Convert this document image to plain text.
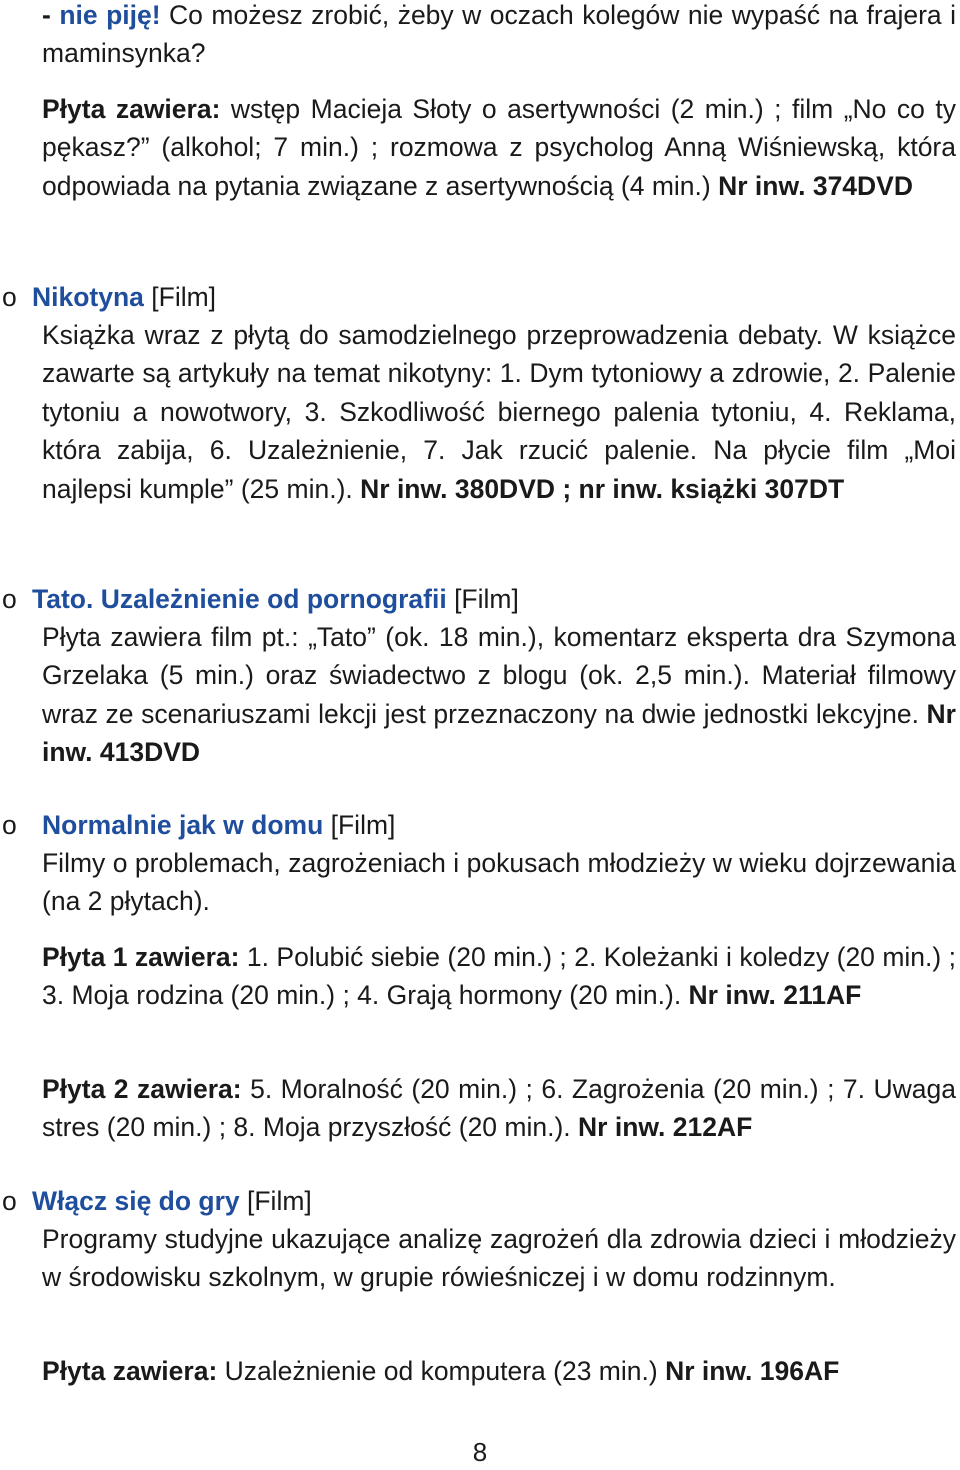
- nie piję! Co możesz zrobić, żeby w oczach kolegów nie wypaść na frajera i maminsynka?

Płyta zawiera: wstęp Macieja Słoty o asertywności (2 min.) ; film „No co ty pękasz?” (alkohol; 7 min.) ; rozmowa z psycholog Anną Wiśniewską, która odpowiada na pytania związane z asertywnością (4 min.) Nr inw. 374DVD

o Nikotyna [Film]

Książka wraz z płytą do samodzielnego przeprowadzenia debaty. W książce zawarte są artykuły na temat nikotyny: 1. Dym tytoniowy a zdrowie, 2. Palenie tytoniu a nowotwory, 3. Szkodliwość biernego palenia tytoniu, 4. Reklama, która zabija, 6. Uzależnienie, 7. Jak rzucić palenie. Na płycie film „Moi najlepsi kumple” (25 min.). Nr inw. 380DVD ; nr inw. książki 307DT

o Tato. Uzależnienie od pornografii [Film]

Płyta zawiera film pt.: „Tato” (ok. 18 min.), komentarz eksperta dra Szymona Grzelaka (5 min.) oraz świadectwo z blogu (ok. 2,5 min.). Materiał filmowy wraz ze scenariuszami lekcji jest przeznaczony na dwie jednostki lekcyjne. Nr inw. 413DVD

o Normalnie jak w domu [Film]

Filmy o problemach, zagrożeniach i pokusach młodzieży w wieku dojrzewania (na 2 płytach).

Płyta 1 zawiera: 1. Polubić siebie (20 min.) ; 2. Koleżanki i koledzy (20 min.) ; 3. Moja rodzina (20 min.) ; 4. Grają hormony (20 min.). Nr inw. 211AF

Płyta 2 zawiera: 5. Moralność (20 min.) ; 6. Zagrożenia (20 min.) ; 7. Uwaga stres (20 min.) ; 8. Moja przyszłość (20 min.). Nr inw. 212AF

o Włącz się do gry [Film]

Programy studyjne ukazujące analizę zagrożeń dla zdrowia dzieci i młodzieży w środowisku szkolnym, w grupie rówieśniczej i w domu rodzinnym.

Płyta zawiera: Uzależnienie od komputera (23 min.) Nr inw. 196AF

8
